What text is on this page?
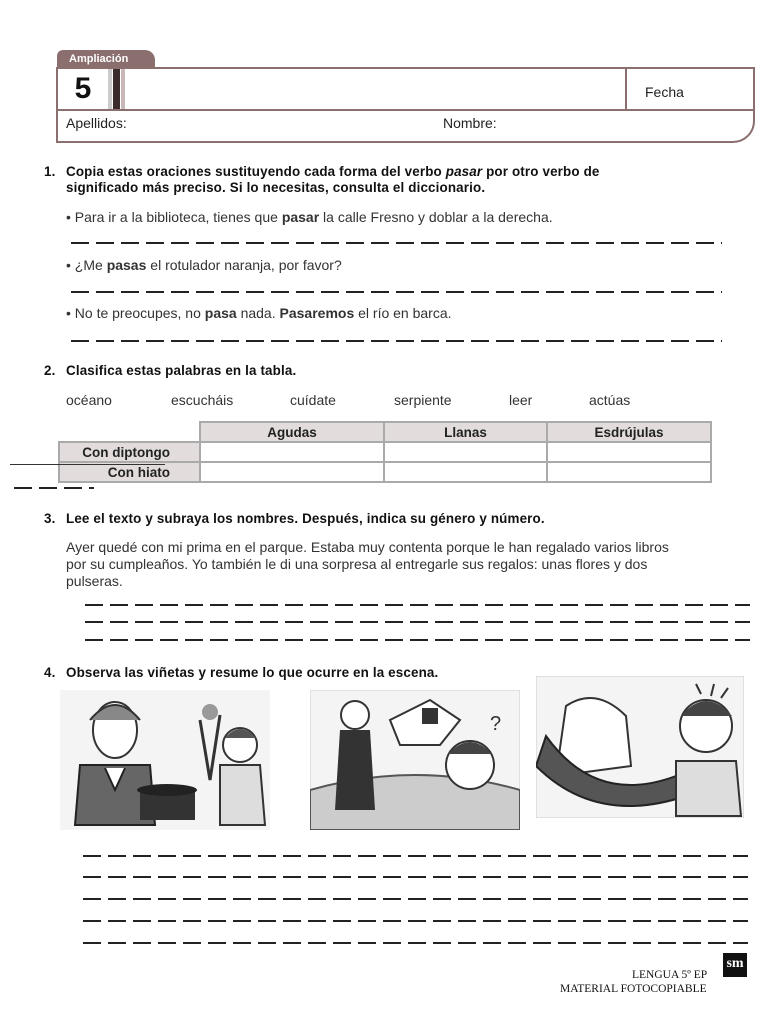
Ampliación
5	Fecha
Apellidos:	Nombre:
1. Copia estas oraciones sustituyendo cada forma del verbo pasar por otro verbo de
significado más preciso. Si lo necesitas, consulta el diccionario.
• Para ir a la biblioteca, tienes que pasar la calle Fresno y doblar a la derecha.
• ¿Me pasas el rotulador naranja, por favor?
• No te preocupes, no pasa nada. Pasaremos el río en barca.
2. Clasifica estas palabras en la tabla.
océano	escucháis	cuídate	serpiente	leer	actúas
	Agudas	Llanas	Esdrújulas
Con diptongo			
Con hiato			
3. Lee el texto y subraya los nombres. Después, indica su género y número.
Ayer quedé con mi prima en el parque. Estaba muy contenta porque le han regalado varios libros
por su cumpleaños. Yo también le di una sorpresa al entregarle sus regalos: unas flores y dos
pulseras.
4. Observa las viñetas y resume lo que ocurre en la escena.
?
sm
LENGUA 5º EP
MATERIAL FOTOCOPIABLE
